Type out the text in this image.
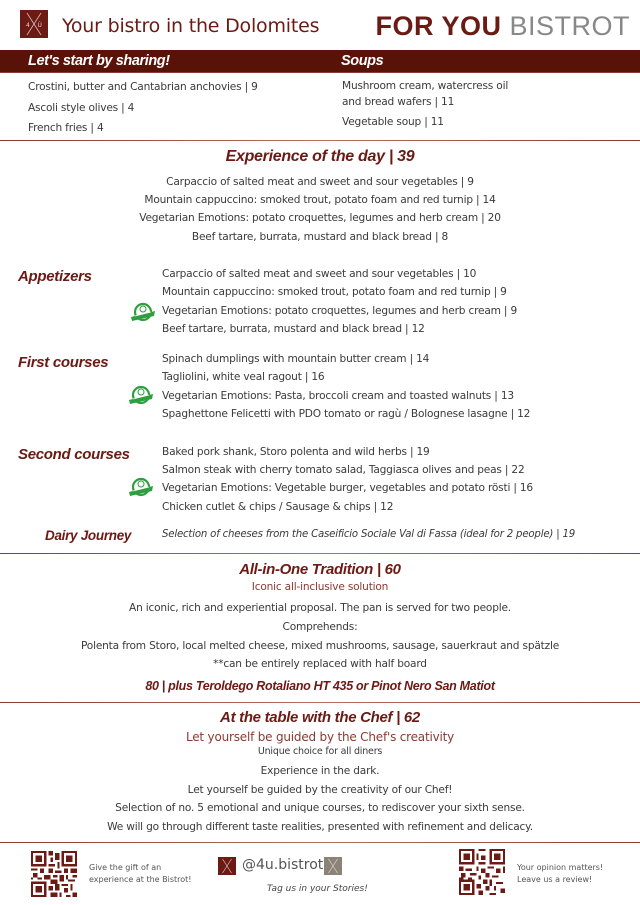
4 Ú Your bistro in the Dolomites FOR YOU BISTROT
Let's start by sharing!	Soups
Crostini, butter and Cantabrian anchovies | 9
Ascoli style olives | 4
French fries | 4
Mushroom cream, watercress oil
and bread wafers | 11
Vegetable soup | 11
Experience of the day | 39
Carpaccio of salted meat and sweet and sour vegetables | 9
Mountain cappuccino: smoked trout, potato foam and red turnip | 14
Vegetarian Emotions: potato croquettes, legumes and herb cream | 20
Beef tartare, burrata, mustard and black bread | 8
Appetizers	Carpaccio of salted meat and sweet and sour vegetables | 10
Mountain cappuccino: smoked trout, potato foam and red turnip | 9
Vegetarian Emotions: potato croquettes, legumes and herb cream | 9
Beef tartare, burrata, mustard and black bread | 12
First courses	Spinach dumplings with mountain butter cream | 14
Tagliolini, white veal ragout | 16
Vegetarian Emotions: Pasta, broccoli cream and toasted walnuts | 13
Spaghettone Felicetti with PDO tomato or ragù / Bolognese lasagne | 12
Second courses	Baked pork shank, Storo polenta and wild herbs | 19
Salmon steak with cherry tomato salad, Taggiasca olives and peas | 22
Vegetarian Emotions: Vegetable burger, vegetables and potato rösti | 16
Chicken cutlet & chips / Sausage & chips | 12
Dairy Journey	Selection of cheeses from the Caseificio Sociale Val di Fassa (ideal for 2 people) | 19
All-in-One Tradition | 60
Iconic all-inclusive solution
An iconic, rich and experiential proposal. The pan is served for two people.
Comprehends:
Polenta from Storo, local melted cheese, mixed mushrooms, sausage, sauerkraut and spätzle
**can be entirely replaced with half board
80 | plus Teroldego Rotaliano HT 435 or Pinot Nero San Matiot
At the table with the Chef | 62
Let yourself be guided by the Chef's creativity
Unique choice for all diners
Experience in the dark.
Let yourself be guided by the creativity of our Chef!
Selection of no. 5 emotional and unique courses, to rediscover your sixth sense.
We will go through different taste realities, presented with refinement and delicacy.
Give the gift of an
experience at the Bistrot!
@4u.bistrot
Tag us in your Stories!
Your opinion matters!
Leave us a review!
